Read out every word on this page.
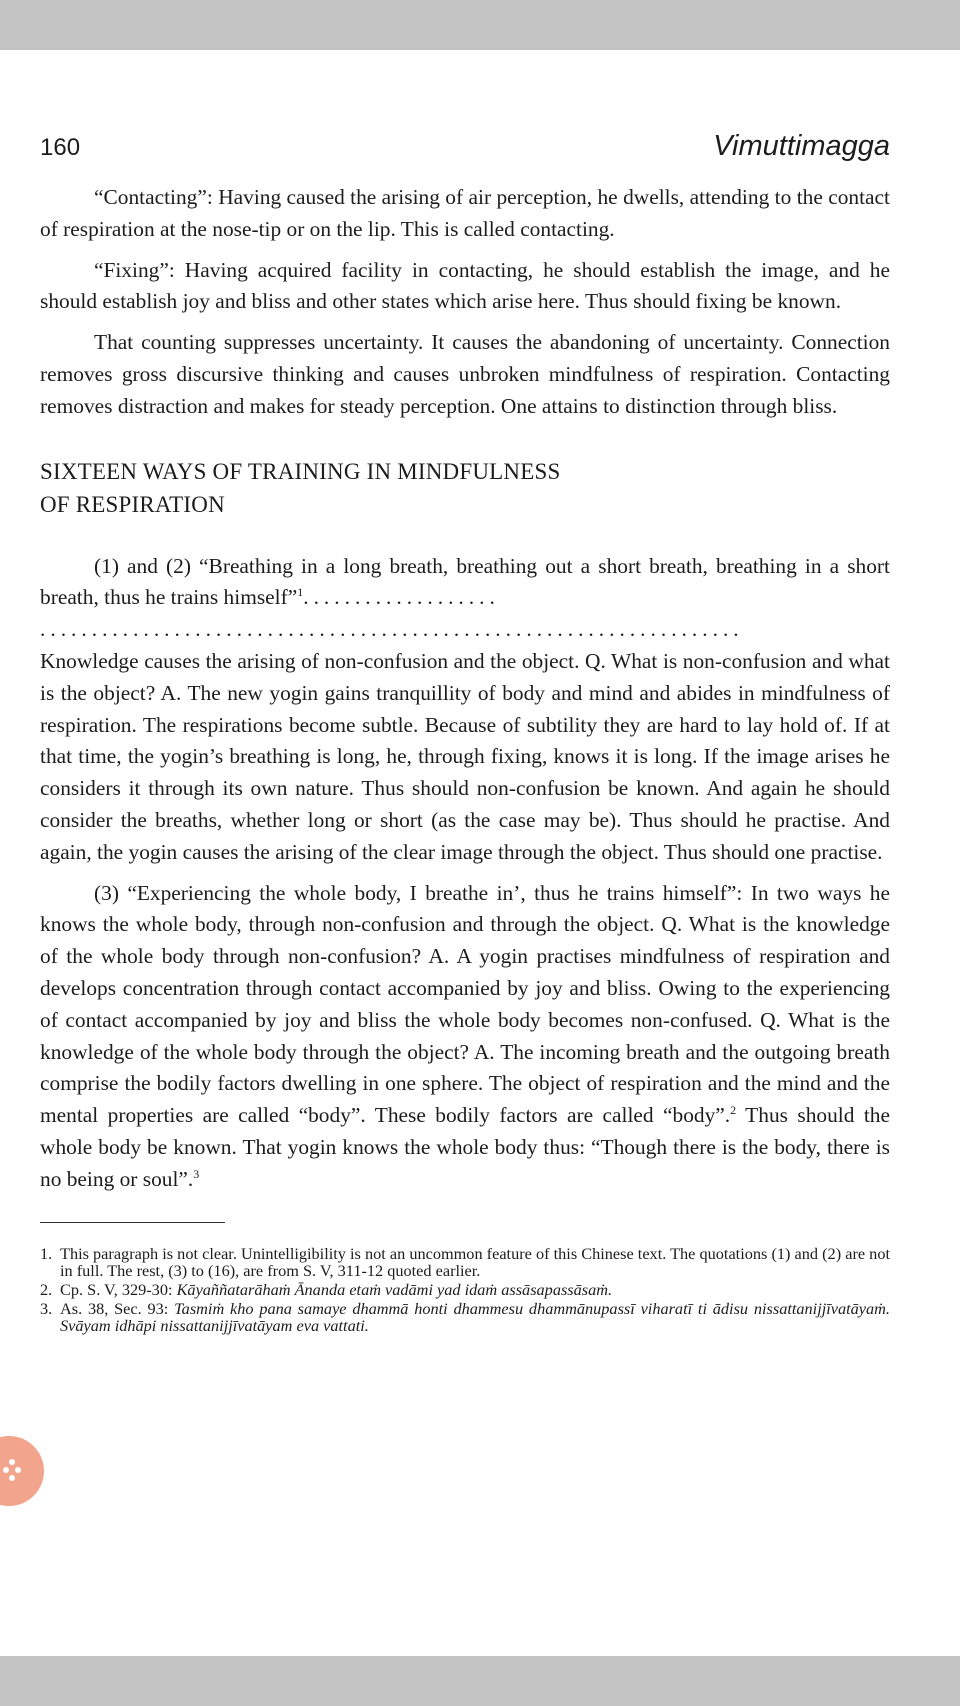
160	Vimuttimagga

“Contacting”: Having caused the arising of air perception, he dwells, attending to the contact of respiration at the nose-tip or on the lip. This is called contacting.

“Fixing”: Having acquired facility in contacting, he should establish the image, and he should establish joy and bliss and other states which arise here. Thus should fixing be known.

That counting suppresses uncertainty. It causes the abandoning of uncertainty. Connection removes gross discursive thinking and causes unbroken mindfulness of respiration. Contacting removes distraction and makes for steady perception. One attains to distinction through bliss.

SIXTEEN WAYS OF TRAINING IN MINDFULNESS
OF RESPIRATION

(1) and (2) “Breathing in a long breath, breathing out a short breath, breathing in a short breath, thus he trains himself”$^1$...................

....................................................................

Knowledge causes the arising of non-confusion and the object. Q. What is non-confusion and what is the object? A. The new yogin gains tranquillity of body and mind and abides in mindfulness of respiration. The respirations become subtle. Because of subtility they are hard to lay hold of. If at that time, the yogin’s breathing is long, he, through fixing, knows it is long. If the image arises he considers it through its own nature. Thus should non-confusion be known. And again he should consider the breaths, whether long or short (as the case may be). Thus should he practise. And again, the yogin causes the arising of the clear image through the object. Thus should one practise.

(3) “Experiencing the whole body, I breathe in’, thus he trains himself”: In two ways he knows the whole body, through non-confusion and through the object. Q. What is the knowledge of the whole body through non-confusion? A. A yogin practises mindfulness of respiration and develops concentration through contact accompanied by joy and bliss. Owing to the experiencing of contact accompanied by joy and bliss the whole body becomes non-confused. Q. What is the knowledge of the whole body through the object? A. The incoming breath and the outgoing breath comprise the bodily factors dwelling in one sphere. The object of respiration and the mind and the mental properties are called “body”. These bodily factors are called “body”.$^2$ Thus should the whole body be known. That yogin knows the whole body thus: “Though there is the body, there is no being or soul”.$^3$

1. This paragraph is not clear. Unintelligibility is not an uncommon feature of this Chinese text. The quotations (1) and (2) are not in full. The rest, (3) to (16), are from S. V, 311-12 quoted earlier.
2. Cp. S. V, 329-30: Kāyaññatarāhaṁ Ānanda etaṁ vadāmi yad idaṁ assāsapassāsaṁ.
3. As. 38, Sec. 93: Tasmiṁ kho pana samaye dhammā honti dhammesu dhammānupassī viharatī ti ādisu nissattanijjīvatāyaṁ. Svāyam idhāpi nissattanijjīvatāyam eva vattati.
